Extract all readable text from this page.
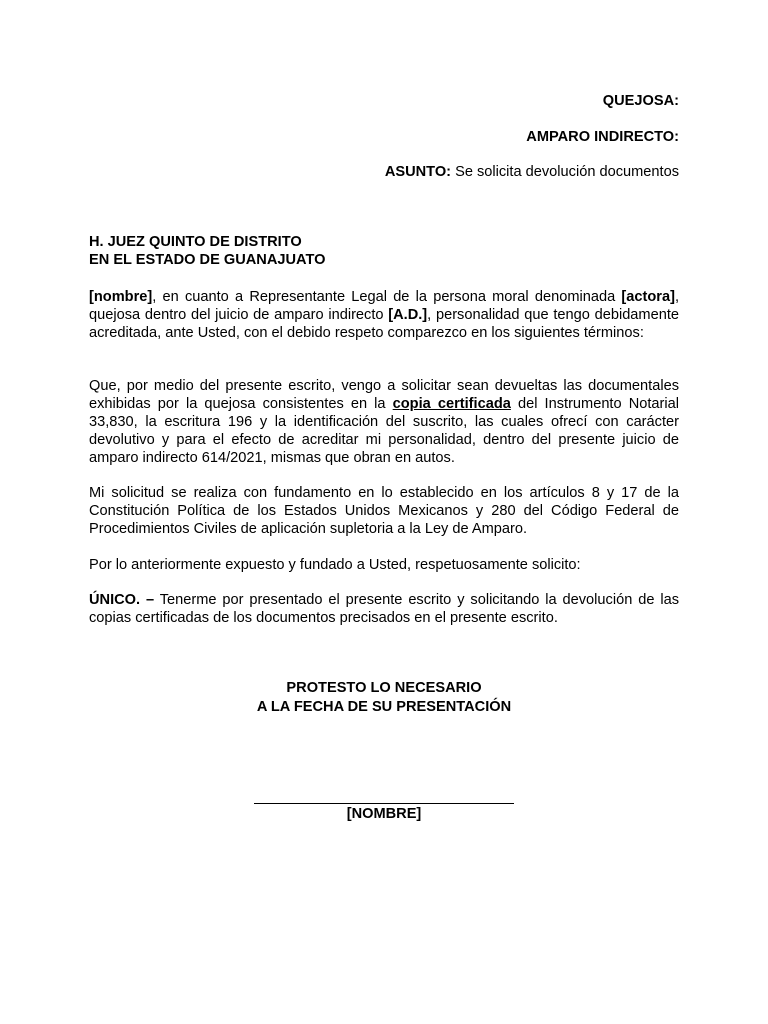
QUEJOSA:
AMPARO INDIRECTO:
ASUNTO: Se solicita devolución documentos
H. JUEZ QUINTO DE DISTRITO
EN EL ESTADO DE GUANAJUATO

[nombre], en cuanto a Representante Legal de la persona moral denominada [actora], quejosa dentro del juicio de amparo indirecto [A.D.], personalidad que tengo debidamente acreditada, ante Usted, con el debido respeto comparezco en los siguientes términos:

Que, por medio del presente escrito, vengo a solicitar sean devueltas las documentales exhibidas por la quejosa consistentes en la copia certificada del Instrumento Notarial 33,830, la escritura 196 y la identificación del suscrito, las cuales ofrecí con carácter devolutivo y para el efecto de acreditar mi personalidad, dentro del presente juicio de amparo indirecto 614/2021, mismas que obran en autos.

Mi solicitud se realiza con fundamento en lo establecido en los artículos 8 y 17 de la Constitución Política de los Estados Unidos Mexicanos y 280 del Código Federal de Procedimientos Civiles de aplicación supletoria a la Ley de Amparo.

Por lo anteriormente expuesto y fundado a Usted, respetuosamente solicito:

ÚNICO. – Tenerme por presentado el presente escrito y solicitando la devolución de las copias certificadas de los documentos precisados en el presente escrito.

PROTESTO LO NECESARIO
A LA FECHA DE SU PRESENTACIÓN
[NOMBRE]
